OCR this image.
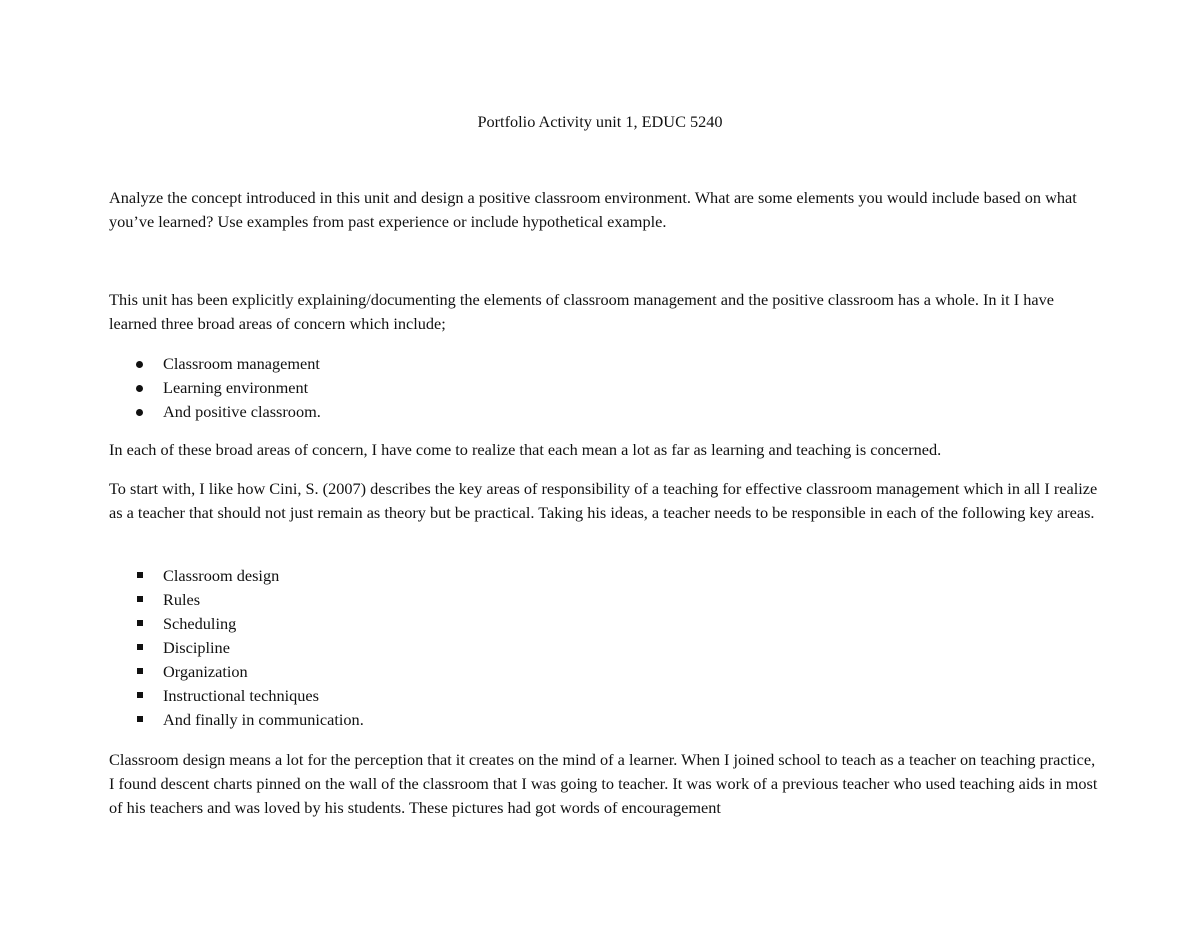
Portfolio Activity unit 1, EDUC 5240

Analyze the concept introduced in this unit and design a positive classroom environment. What are some elements you would include based on what you’ve learned? Use examples from past experience or include hypothetical example.

This unit has been explicitly explaining/documenting the elements of classroom management and the positive classroom has a whole. In it I have learned three broad areas of concern which include;

Classroom management
Learning environment
And positive classroom.

In each of these broad areas of concern, I have come to realize that each mean a lot as far as learning and teaching is concerned.

To start with, I like how Cini, S. (2007) describes the key areas of responsibility of a teaching for effective classroom management which in all I realize as a teacher that should not just remain as theory but be practical. Taking his ideas, a teacher needs to be responsible in each of the following key areas.

Classroom design
Rules
Scheduling
Discipline
Organization
Instructional techniques
And finally in communication.

Classroom design means a lot for the perception that it creates on the mind of a learner. When I joined school to teach as a teacher on teaching practice, I found descent charts pinned on the wall of the classroom that I was going to teacher. It was work of a previous teacher who used teaching aids in most of his teachers and was loved by his students. These pictures had got words of encouragement
